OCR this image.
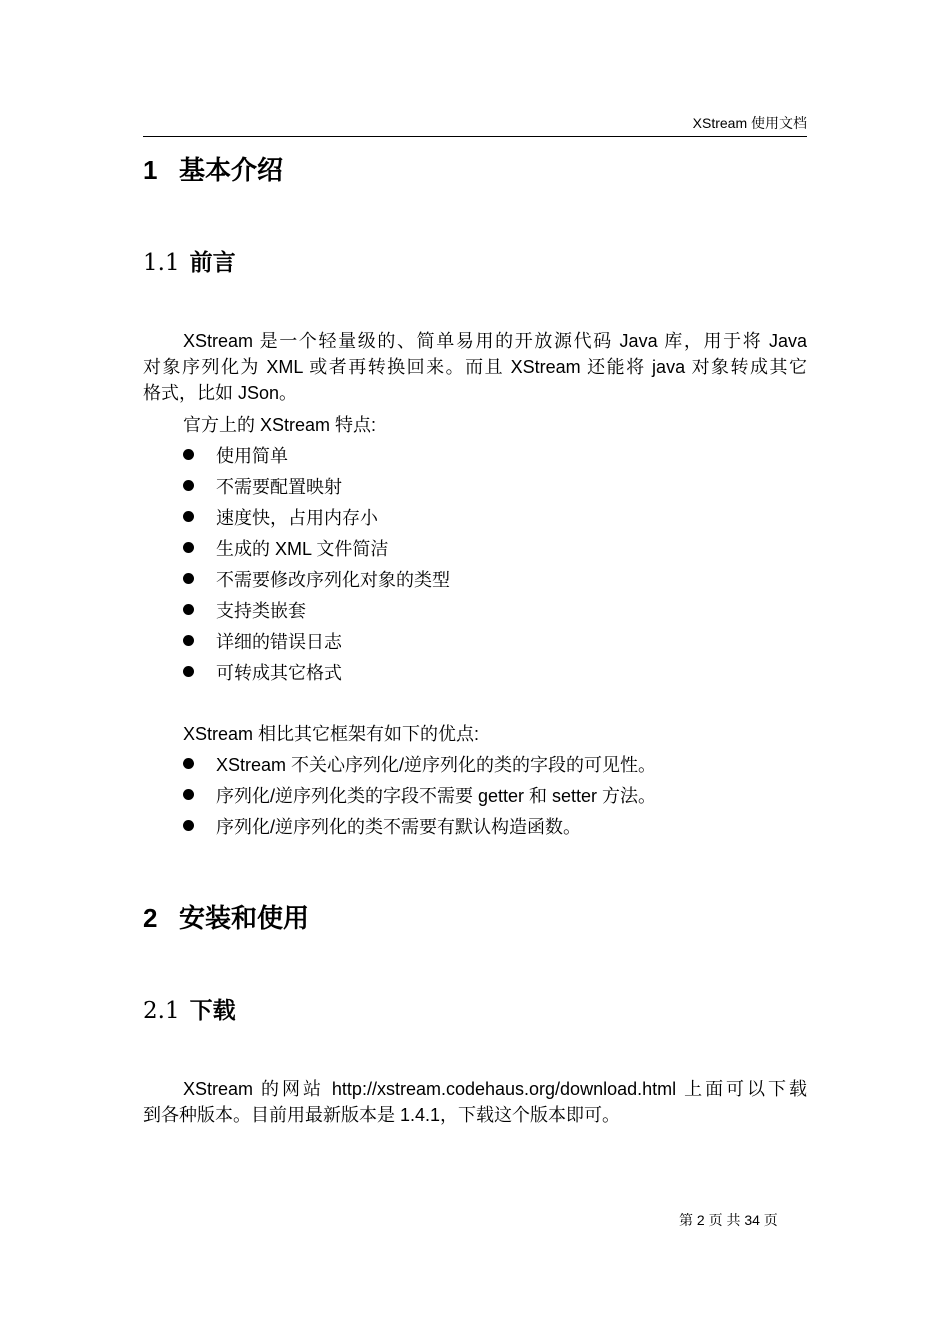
XStream 使用文档
1 基本介绍
1.1 前言
XStream 是一个轻量级的、简单易用的开放源代码 Java 库，用于将 Java
对象序列化为 XML 或者再转换回来。而且 XStream 还能将 java 对象转成其它
格式，比如 JSon。
官方上的 XStream 特点:
使用简单
不需要配置映射
速度快，占用内存小
生成的 XML 文件简洁
不需要修改序列化对象的类型
支持类嵌套
详细的错误日志
可转成其它格式
XStream 相比其它框架有如下的优点:
XStream 不关心序列化/逆序列化的类的字段的可见性。
序列化/逆序列化类的字段不需要 getter 和 setter 方法。
序列化/逆序列化的类不需要有默认构造函数。
2 安装和使用
2.1 下载
XStream 的网站 http://xstream.codehaus.org/download.html 上面可以下载
到各种版本。目前用最新版本是 1.4.1，下载这个版本即可。
第 2 页 共 34 页
